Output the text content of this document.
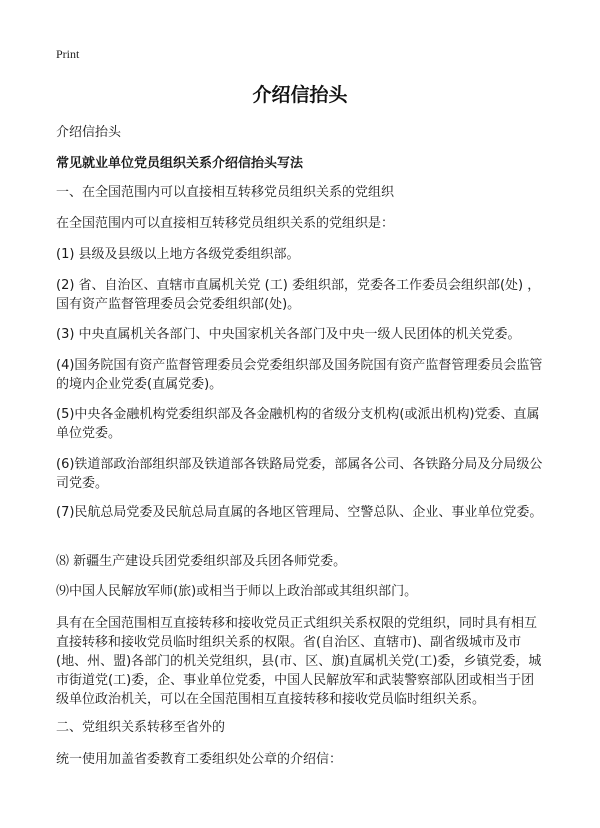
Print
介绍信抬头
介绍信抬头
常见就业单位党员组织关系介绍信抬头写法

一、在全国范围内可以直接相互转移党员组织关系的党组织

在全国范围内可以直接相互转移党员组织关系的党组织是：

(1) 县级及县级以上地方各级党委组织部。

(2) 省、自治区、直辖市直属机关党 (工) 委组织部，党委各工作委员会组织部(处) ，国有资产监督管理委员会党委组织部(处)。

(3) 中央直属机关各部门、中央国家机关各部门及中央一级人民团体的机关党委。

(4)国务院国有资产监督管理委员会党委组织部及国务院国有资产监督管理委员会监管的境内企业党委(直属党委)。

(5)中央各金融机构党委组织部及各金融机构的省级分支机构(或派出机构)党委、直属单位党委。

(6)铁道部政治部组织部及铁道部各铁路局党委，部属各公司、各铁路分局及分局级公司党委。

(7)民航总局党委及民航总局直属的各地区管理局、空警总队、企业、事业单位党委。

⑻ 新疆生产建设兵团党委组织部及兵团各师党委。

⑼中国人民解放军师(旅)或相当于师以上政治部或其组织部门。

具有在全国范围相互直接转移和接收党员正式组织关系权限的党组织，同时具有相互直接转移和接收党员临时组织关系的权限。省(自治区、直辖市)、副省级城市及市(地、州、盟)各部门的机关党组织，县(市、区、旗)直属机关党(工)委，乡镇党委，城市街道党(工)委，企、事业单位党委，中国人民解放军和武装警察部队团或相当于团级单位政治机关，可以在全国范围相互直接转移和接收党员临时组织关系。

二、党组织关系转移至省外的

统一使用加盖省委教育工委组织处公章的介绍信：
